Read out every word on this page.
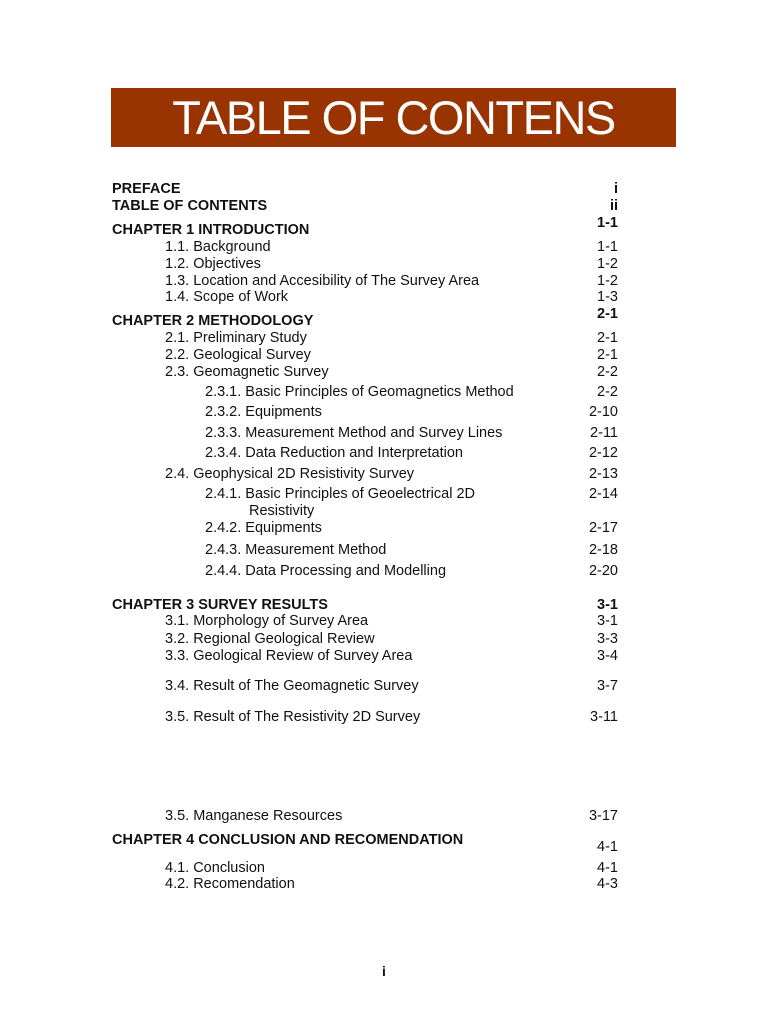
TABLE OF CONTENS
PREFACE	i
TABLE OF CONTENTS	ii
CHAPTER 1 INTRODUCTION	1-1
1.1. Background	1-1
1.2. Objectives	1-2
1.3. Location and Accesibility of The Survey Area	1-2
1.4. Scope of Work	1-3
CHAPTER 2 METHODOLOGY	2-1
2.1. Preliminary Study	2-1
2.2. Geological Survey	2-1
2.3. Geomagnetic Survey	2-2
2.3.1. Basic Principles of Geomagnetics Method	2-2
2.3.2. Equipments	2-10
2.3.3. Measurement Method and Survey Lines	2-11
2.3.4. Data Reduction and Interpretation	2-12
2.4. Geophysical 2D Resistivity Survey	2-13
2.4.1. Basic Principles of Geoelectrical 2D	2-14
Resistivity
2.4.2. Equipments	2-17
2.4.3. Measurement Method	2-18
2.4.4. Data Processing and Modelling	2-20
CHAPTER 3 SURVEY RESULTS	3-1
3.1. Morphology of Survey Area	3-1
3.2. Regional Geological Review	3-3
3.3. Geological Review of Survey Area	3-4
3.4. Result of The Geomagnetic Survey	3-7
3.5. Result of The Resistivity 2D Survey	3-11
3.5. Manganese Resources	3-17
CHAPTER 4 CONCLUSION AND RECOMENDATION	4-1
4.1. Conclusion	4-1
4.2. Recomendation	4-3
i
